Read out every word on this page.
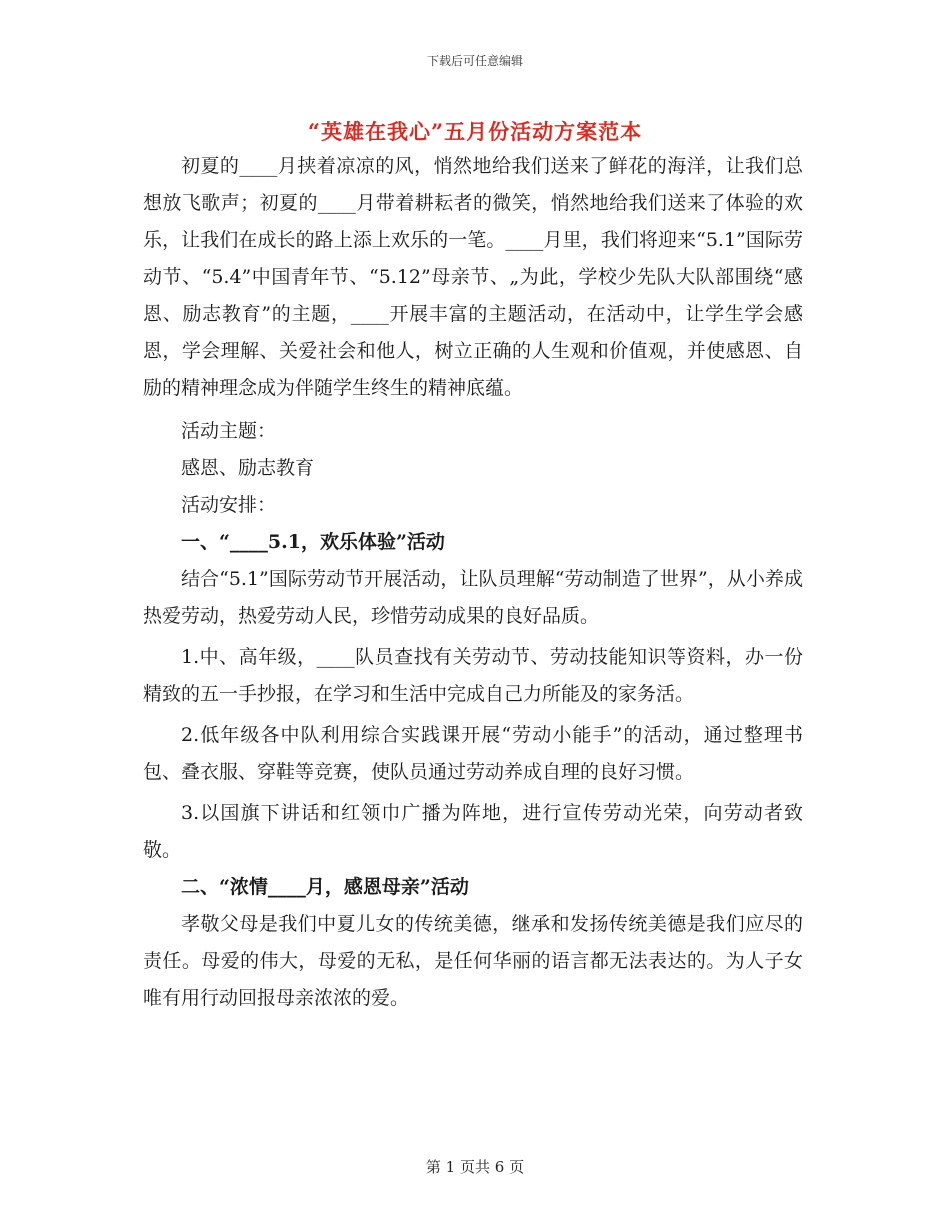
下载后可任意编辑
“英雄在我心”五月份活动方案范本

初夏的____月挟着凉凉的风，悄然地给我们送来了鲜花的海洋，让我们总想放飞歌声；初夏的____月带着耕耘者的微笑，悄然地给我们送来了体验的欢乐，让我们在成长的路上添上欢乐的一笔。____月里，我们将迎来“5.1”国际劳动节、“5.4”中国青年节、“5.12”母亲节、„为此，学校少先队大队部围绕“感恩、励志教育”的主题，____开展丰富的主题活动，在活动中，让学生学会感恩，学会理解、关爱社会和他人，树立正确的人生观和价值观，并使感恩、自励的精神理念成为伴随学生终生的精神底蕴。

活动主题：

感恩、励志教育

活动安排：

一、“____5.1，欢乐体验”活动

结合“5.1”国际劳动节开展活动，让队员理解“劳动制造了世界”，从小养成热爱劳动，热爱劳动人民，珍惜劳动成果的良好品质。

1.中、高年级，____队员查找有关劳动节、劳动技能知识等资料，办一份精致的五一手抄报，在学习和生活中完成自己力所能及的家务活。

2.低年级各中队利用综合实践课开展“劳动小能手”的活动，通过整理书包、叠衣服、穿鞋等竞赛，使队员通过劳动养成自理的良好习惯。

3.以国旗下讲话和红领巾广播为阵地，进行宣传劳动光荣，向劳动者致敬。

二、“浓情____月，感恩母亲”活动

孝敬父母是我们中夏儿女的传统美德，继承和发扬传统美德是我们应尽的责任。母爱的伟大，母爱的无私，是任何华丽的语言都无法表达的。为人子女唯有用行动回报母亲浓浓的爱。

第 1 页共 6 页
